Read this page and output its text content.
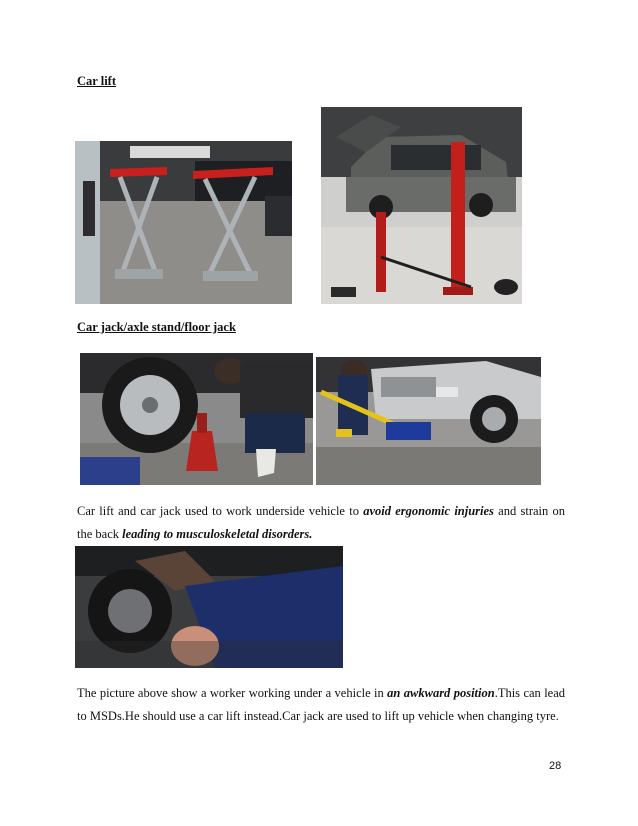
Car lift
Car jack/axle stand/floor jack
Car lift and car jack used to work underside vehicle to avoid ergonomic injuries and strain on the back leading to musculoskeletal disorders.
The picture above show a worker working under a vehicle in an awkward position.This can lead to MSDs.He should use a car lift instead.Car jack are used to lift up vehicle when changing tyre.
28
